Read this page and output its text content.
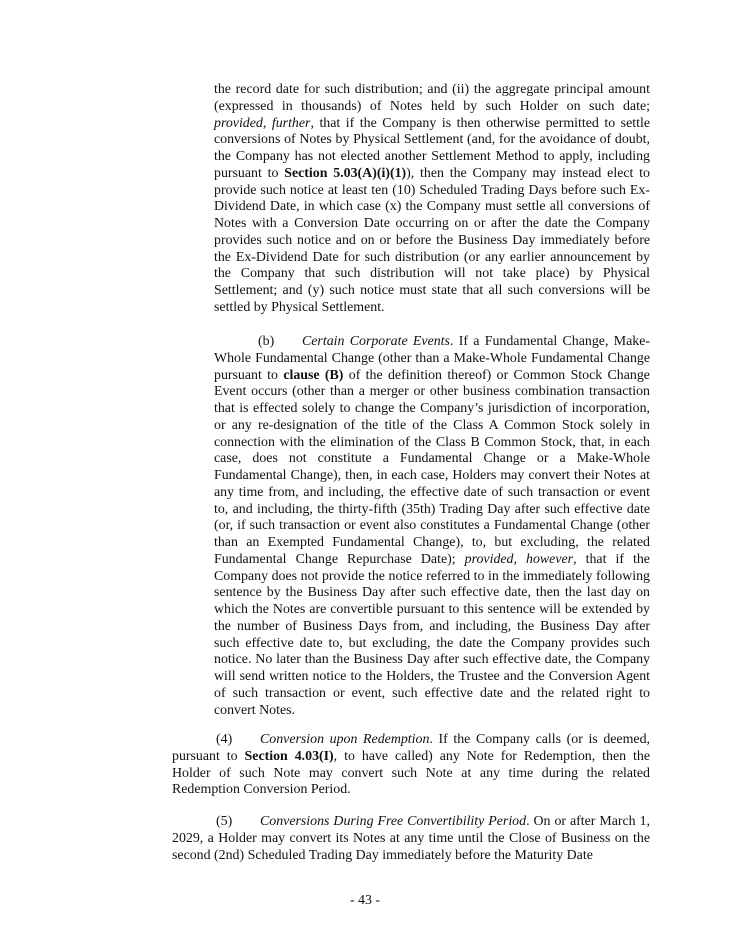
the record date for such distribution; and (ii) the aggregate principal amount (expressed in thousands) of Notes held by such Holder on such date; provided, further, that if the Company is then otherwise permitted to settle conversions of Notes by Physical Settlement (and, for the avoidance of doubt, the Company has not elected another Settlement Method to apply, including pursuant to Section 5.03(A)(i)(1)), then the Company may instead elect to provide such notice at least ten (10) Scheduled Trading Days before such Ex-Dividend Date, in which case (x) the Company must settle all conversions of Notes with a Conversion Date occurring on or after the date the Company provides such notice and on or before the Business Day immediately before the Ex-Dividend Date for such distribution (or any earlier announcement by the Company that such distribution will not take place) by Physical Settlement; and (y) such notice must state that all such conversions will be settled by Physical Settlement.

(b) Certain Corporate Events. If a Fundamental Change, Make-Whole Fundamental Change (other than a Make-Whole Fundamental Change pursuant to clause (B) of the definition thereof) or Common Stock Change Event occurs (other than a merger or other business combination transaction that is effected solely to change the Company’s jurisdiction of incorporation, or any re-designation of the title of the Class A Common Stock solely in connection with the elimination of the Class B Common Stock, that, in each case, does not constitute a Fundamental Change or a Make-Whole Fundamental Change), then, in each case, Holders may convert their Notes at any time from, and including, the effective date of such transaction or event to, and including, the thirty-fifth (35th) Trading Day after such effective date (or, if such transaction or event also constitutes a Fundamental Change (other than an Exempted Fundamental Change), to, but excluding, the related Fundamental Change Repurchase Date); provided, however, that if the Company does not provide the notice referred to in the immediately following sentence by the Business Day after such effective date, then the last day on which the Notes are convertible pursuant to this sentence will be extended by the number of Business Days from, and including, the Business Day after such effective date to, but excluding, the date the Company provides such notice. No later than the Business Day after such effective date, the Company will send written notice to the Holders, the Trustee and the Conversion Agent of such transaction or event, such effective date and the related right to convert Notes.

(4) Conversion upon Redemption. If the Company calls (or is deemed, pursuant to Section 4.03(I), to have called) any Note for Redemption, then the Holder of such Note may convert such Note at any time during the related Redemption Conversion Period.

(5) Conversions During Free Convertibility Period. On or after March 1, 2029, a Holder may convert its Notes at any time until the Close of Business on the second (2nd) Scheduled Trading Day immediately before the Maturity Date

- 43 -
